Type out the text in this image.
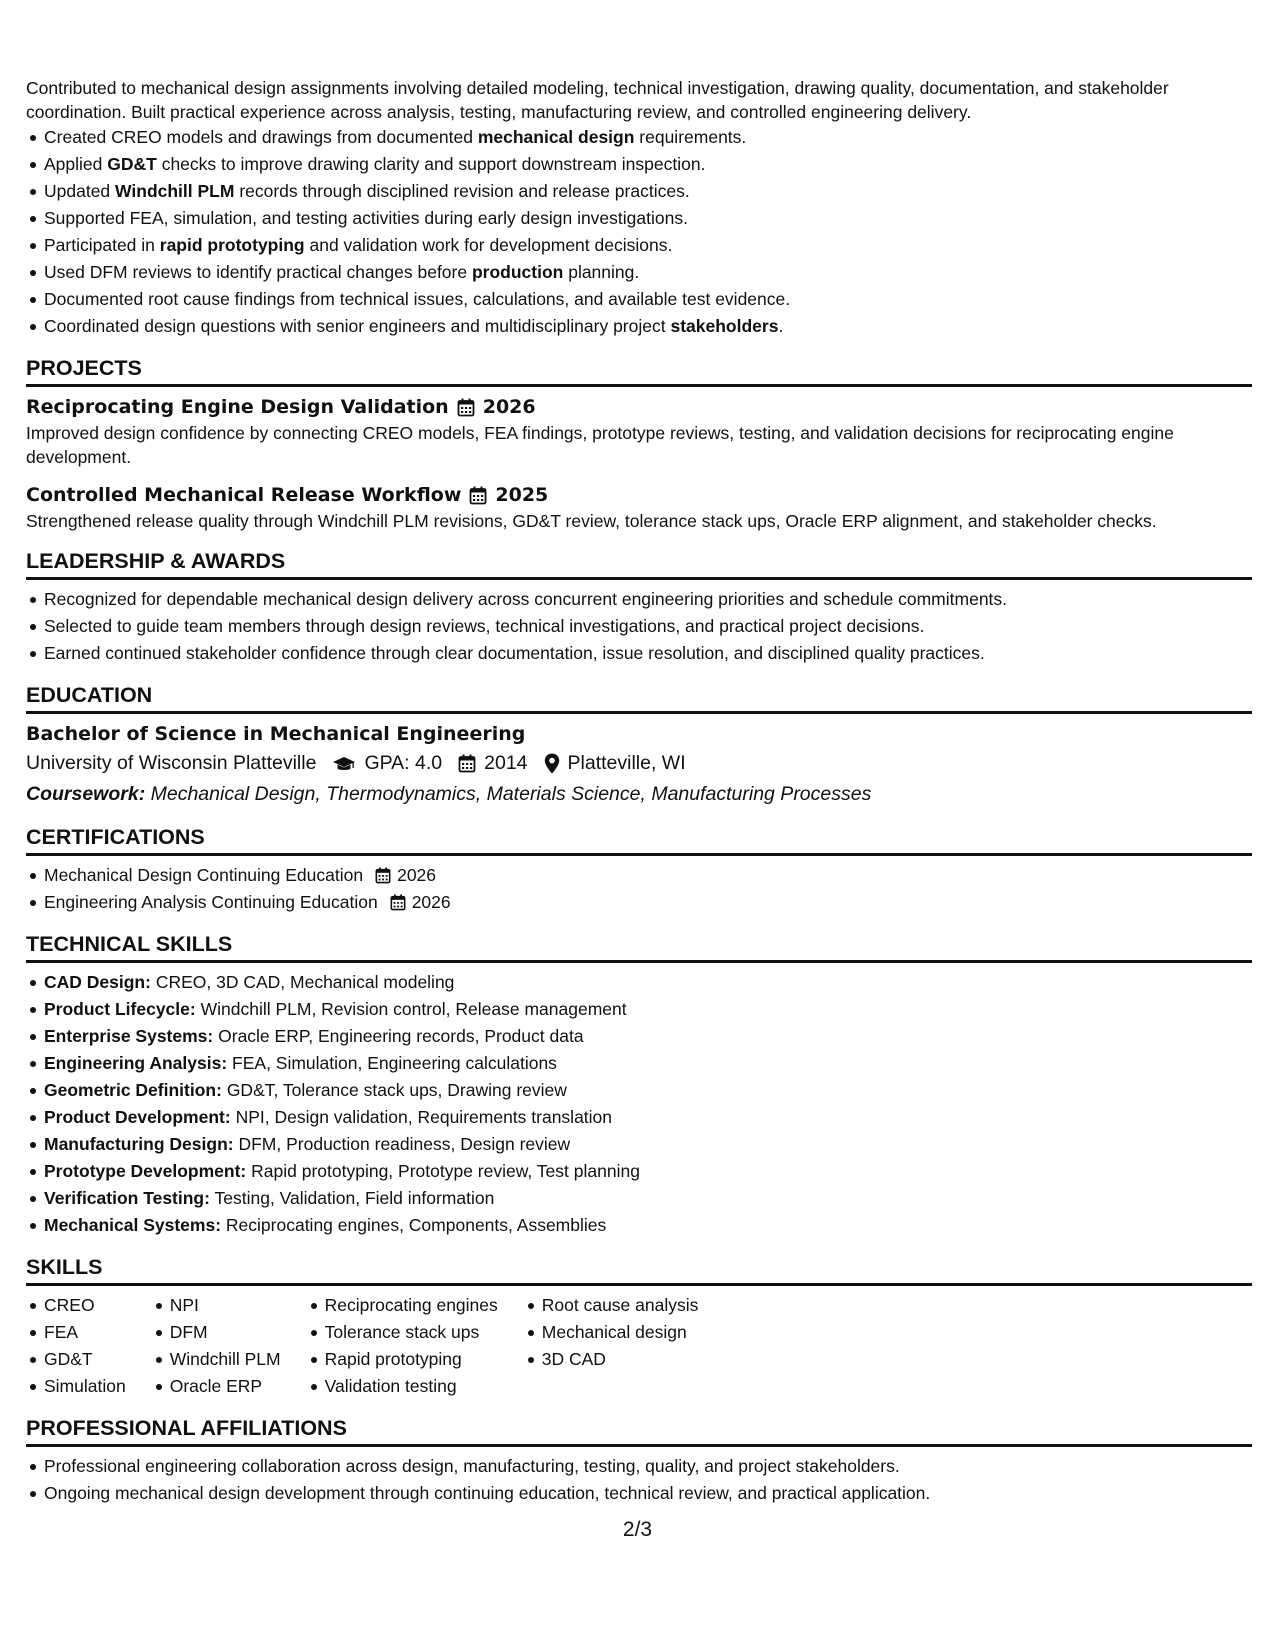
Contributed to mechanical design assignments involving detailed modeling, technical investigation, drawing quality, documentation, and stakeholder coordination. Built practical experience across analysis, testing, manufacturing review, and controlled engineering delivery.

Created CREO models and drawings from documented mechanical design requirements.
Applied GD&T checks to improve drawing clarity and support downstream inspection.
Updated Windchill PLM records through disciplined revision and release practices.
Supported FEA, simulation, and testing activities during early design investigations.
Participated in rapid prototyping and validation work for development decisions.
Used DFM reviews to identify practical changes before production planning.
Documented root cause findings from technical issues, calculations, and available test evidence.
Coordinated design questions with senior engineers and multidisciplinary project stakeholders.
PROJECTS
Reciprocating Engine Design Validation 2026

Improved design confidence by connecting CREO models, FEA findings, prototype reviews, testing, and validation decisions for reciprocating engine development.

Controlled Mechanical Release Workflow 2025

Strengthened release quality through Windchill PLM revisions, GD&T review, tolerance stack ups, Oracle ERP alignment, and stakeholder checks.

LEADERSHIP & AWARDS
Recognized for dependable mechanical design delivery across concurrent engineering priorities and schedule commitments.
Selected to guide team members through design reviews, technical investigations, and practical project decisions.
Earned continued stakeholder confidence through clear documentation, issue resolution, and disciplined quality practices.
EDUCATION
Bachelor of Science in Mechanical Engineering
University of Wisconsin Platteville GPA: 4.0 2014 Platteville, WI
Coursework: Mechanical Design, Thermodynamics, Materials Science, Manufacturing Processes
CERTIFICATIONS
Mechanical Design Continuing Education 2026
Engineering Analysis Continuing Education 2026
TECHNICAL SKILLS
CAD Design: CREO, 3D CAD, Mechanical modeling
Product Lifecycle: Windchill PLM, Revision control, Release management
Enterprise Systems: Oracle ERP, Engineering records, Product data
Engineering Analysis: FEA, Simulation, Engineering calculations
Geometric Definition: GD&T, Tolerance stack ups, Drawing review
Product Development: NPI, Design validation, Requirements translation
Manufacturing Design: DFM, Production readiness, Design review
Prototype Development: Rapid prototyping, Prototype review, Test planning
Verification Testing: Testing, Validation, Field information
Mechanical Systems: Reciprocating engines, Components, Assemblies
SKILLS
CREO
FEA
GD&T
Simulation
NPI
DFM
Windchill PLM
Oracle ERP
Reciprocating engines
Tolerance stack ups
Rapid prototyping
Validation testing
Root cause analysis
Mechanical design
3D CAD
PROFESSIONAL AFFILIATIONS
Professional engineering collaboration across design, manufacturing, testing, quality, and project stakeholders.
Ongoing mechanical design development through continuing education, technical review, and practical application.
2/3
